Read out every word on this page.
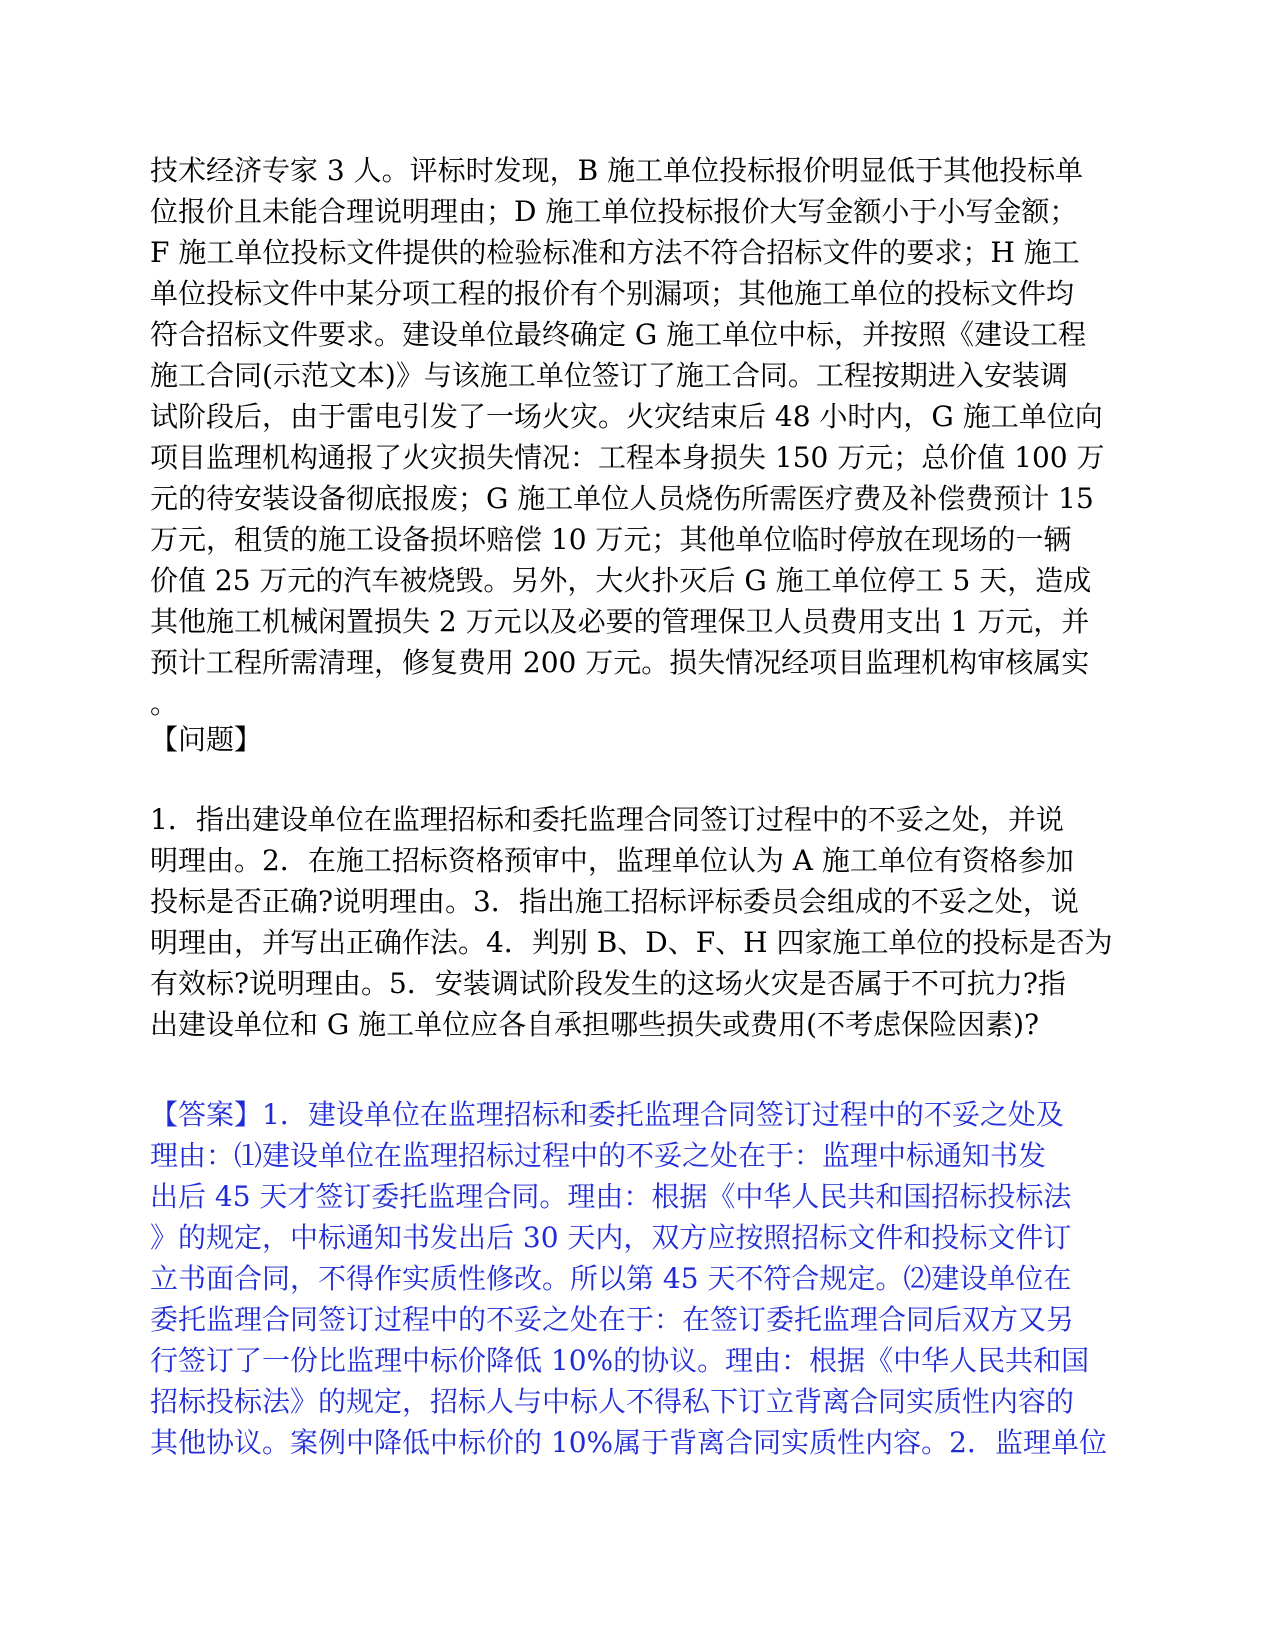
技术经济专家 3 人。评标时发现，B 施工单位投标报价明显低于其他投标单
位报价且未能合理说明理由；D 施工单位投标报价大写金额小于小写金额；
F 施工单位投标文件提供的检验标准和方法不符合招标文件的要求；H 施工
单位投标文件中某分项工程的报价有个别漏项；其他施工单位的投标文件均
符合招标文件要求。建设单位最终确定 G 施工单位中标，并按照《建设工程
施工合同(示范文本)》与该施工单位签订了施工合同。工程按期进入安装调
试阶段后，由于雷电引发了一场火灾。火灾结束后 48 小时内，G 施工单位向
项目监理机构通报了火灾损失情况：工程本身损失 150 万元；总价值 100 万
元的待安装设备彻底报废；G 施工单位人员烧伤所需医疗费及补偿费预计 15
万元，租赁的施工设备损坏赔偿 10 万元；其他单位临时停放在现场的一辆
价值 25 万元的汽车被烧毁。另外，大火扑灭后 G 施工单位停工 5 天，造成
其他施工机械闲置损失 2 万元以及必要的管理保卫人员费用支出 1 万元，并
预计工程所需清理，修复费用 200 万元。损失情况经项目监理机构审核属实
。
【问题】
1．指出建设单位在监理招标和委托监理合同签订过程中的不妥之处，并说
明理由。2．在施工招标资格预审中，监理单位认为 A 施工单位有资格参加
投标是否正确?说明理由。3．指出施工招标评标委员会组成的不妥之处，说
明理由，并写出正确作法。4．判别 B、D、F、H 四家施工单位的投标是否为
有效标?说明理由。5．安装调试阶段发生的这场火灾是否属于不可抗力?指
出建设单位和 G 施工单位应各自承担哪些损失或费用(不考虑保险因素)?
【答案】1．建设单位在监理招标和委托监理合同签订过程中的不妥之处及
理由：⑴建设单位在监理招标过程中的不妥之处在于：监理中标通知书发
出后 45 天才签订委托监理合同。理由：根据《中华人民共和国招标投标法
》的规定，中标通知书发出后 30 天内，双方应按照招标文件和投标文件订
立书面合同，不得作实质性修改。所以第 45 天不符合规定。⑵建设单位在
委托监理合同签订过程中的不妥之处在于：在签订委托监理合同后双方又另
行签订了一份比监理中标价降低 10%的协议。理由：根据《中华人民共和国
招标投标法》的规定，招标人与中标人不得私下订立背离合同实质性内容的
其他协议。案例中降低中标价的 10%属于背离合同实质性内容。2．监理单位
